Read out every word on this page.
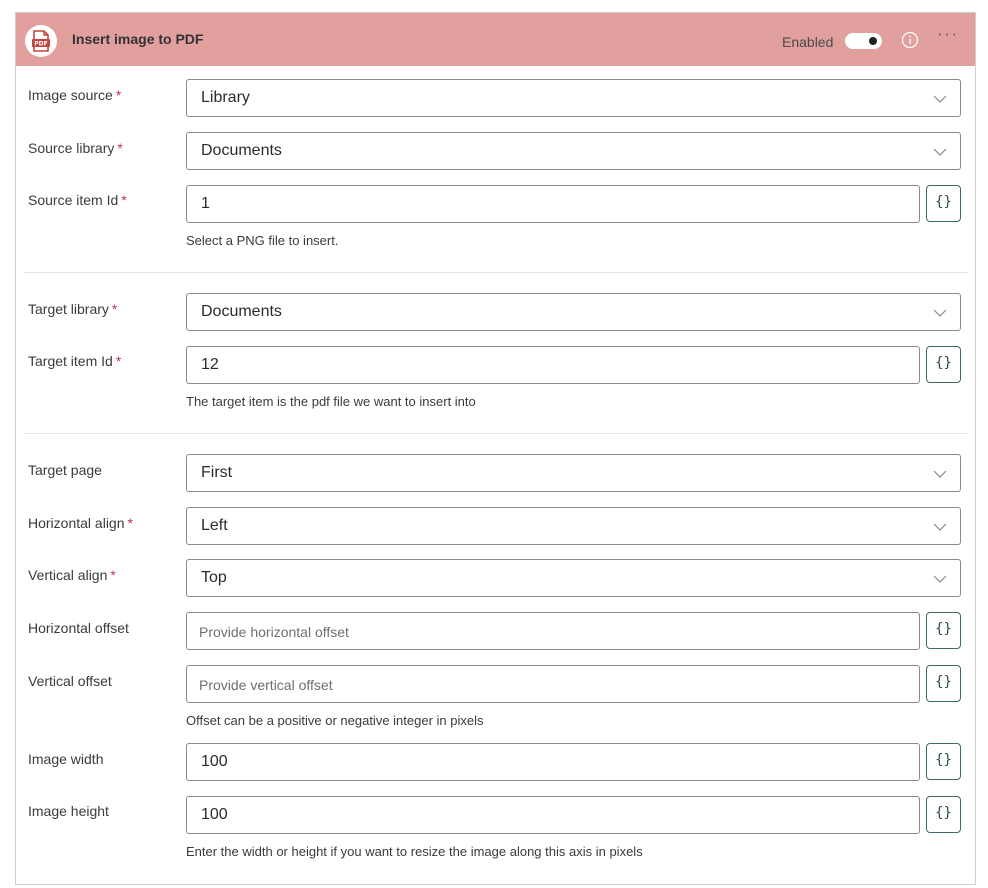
PDF Insert image to PDF	Enabled	···
Image source *	Library
Source library *	Documents
Source item Id *	1	{}
Select a PNG file to insert.
Target library *	Documents
Target item Id *	12	{}
The target item is the pdf file we want to insert into
Target page	First
Horizontal align *	Left
Vertical align *	Top
Horizontal offset	Provide horizontal offset	{}
Vertical offset	Provide vertical offset	{}
Offset can be a positive or negative integer in pixels
Image width	100	{}
Image height	100	{}
Enter the width or height if you want to resize the image along this axis in pixels
